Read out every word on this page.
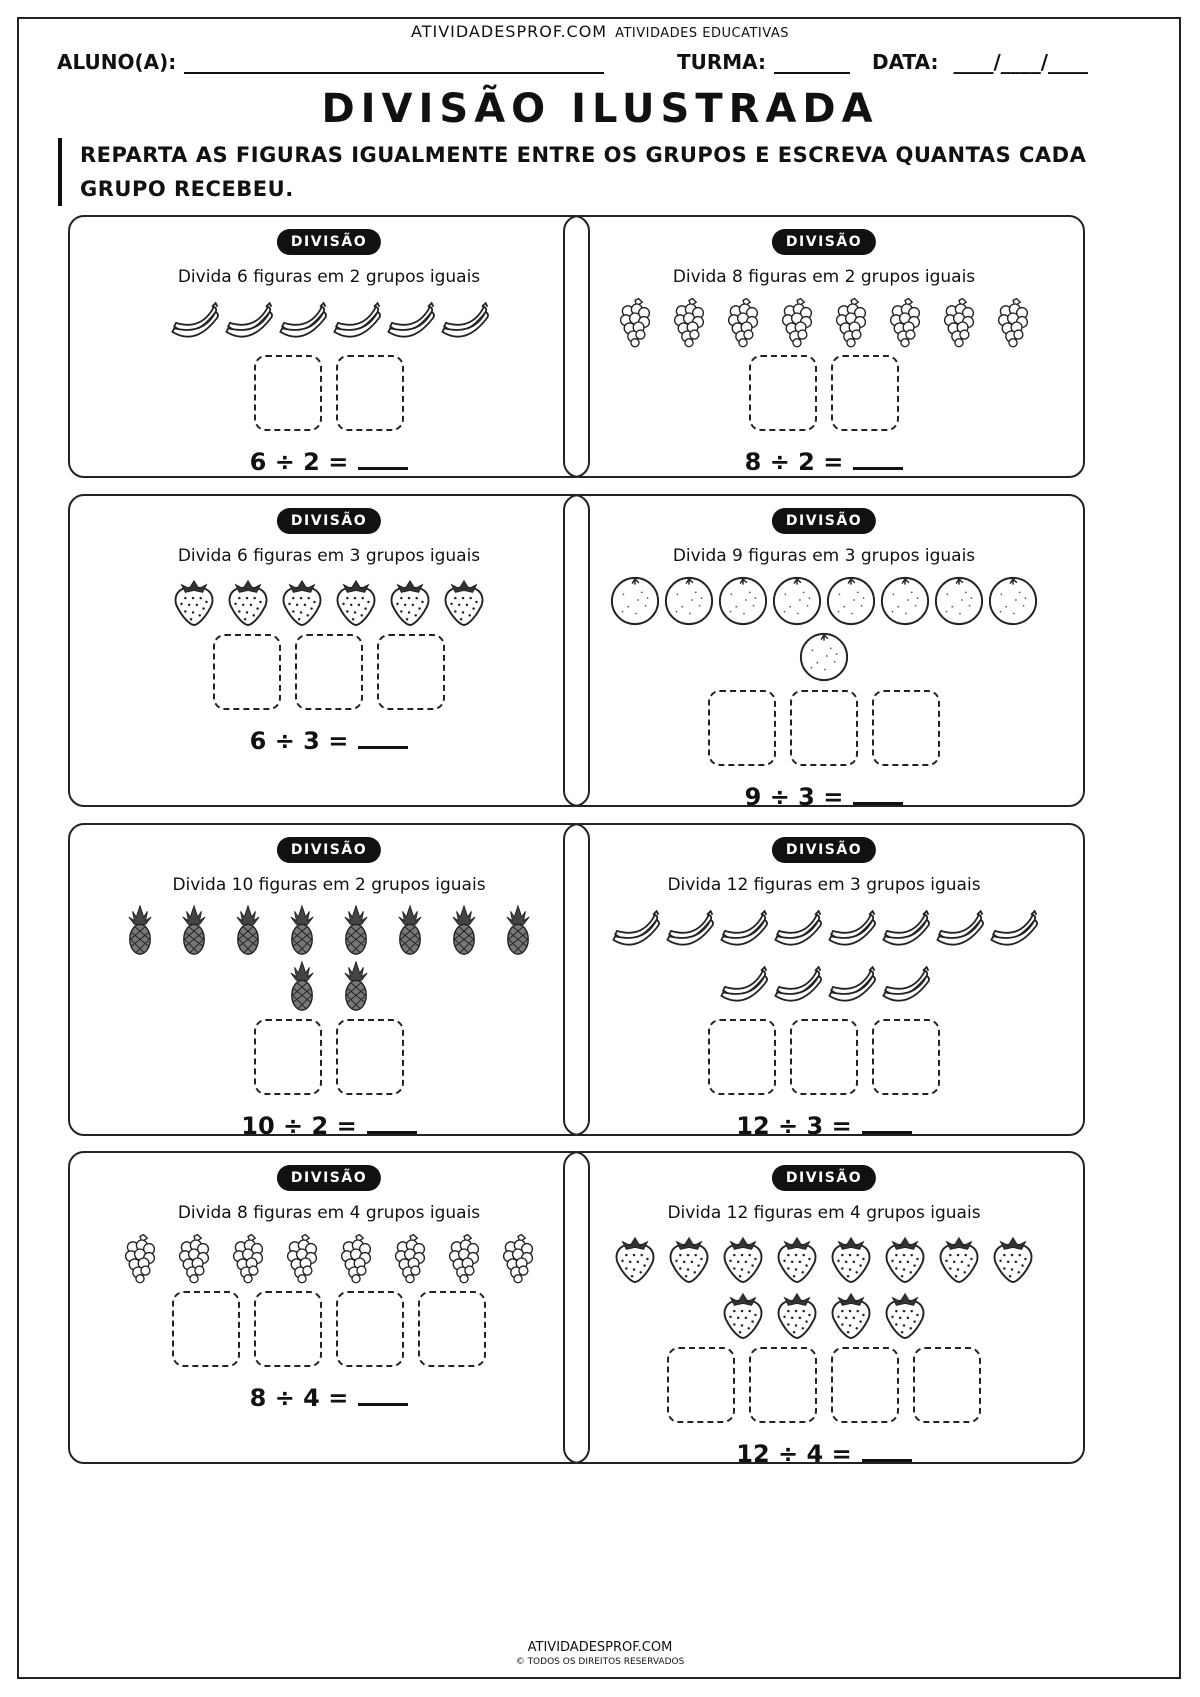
ATIVIDADESPROF.COM ATIVIDADES EDUCATIVAS
ALUNO(A):	TURMA:	DATA: ____/____/____
DIVISÃO ILUSTRADA
REPARTA AS FIGURAS IGUALMENTE ENTRE OS GRUPOS E ESCREVA QUANTAS CADA GRUPO RECEBEU.
DIVISÃO
Divida 6 figuras em 2 grupos iguais
6 ÷ 2 =
DIVISÃO
Divida 8 figuras em 2 grupos iguais
8 ÷ 2 =
DIVISÃO
Divida 6 figuras em 3 grupos iguais
6 ÷ 3 =
DIVISÃO
Divida 9 figuras em 3 grupos iguais
9 ÷ 3 =
DIVISÃO
Divida 10 figuras em 2 grupos iguais
10 ÷ 2 =
DIVISÃO
Divida 12 figuras em 3 grupos iguais
12 ÷ 3 =
DIVISÃO
Divida 8 figuras em 4 grupos iguais
8 ÷ 4 =
DIVISÃO
Divida 12 figuras em 4 grupos iguais
12 ÷ 4 =
ATIVIDADESPROF.COM
© TODOS OS DIREITOS RESERVADOS
